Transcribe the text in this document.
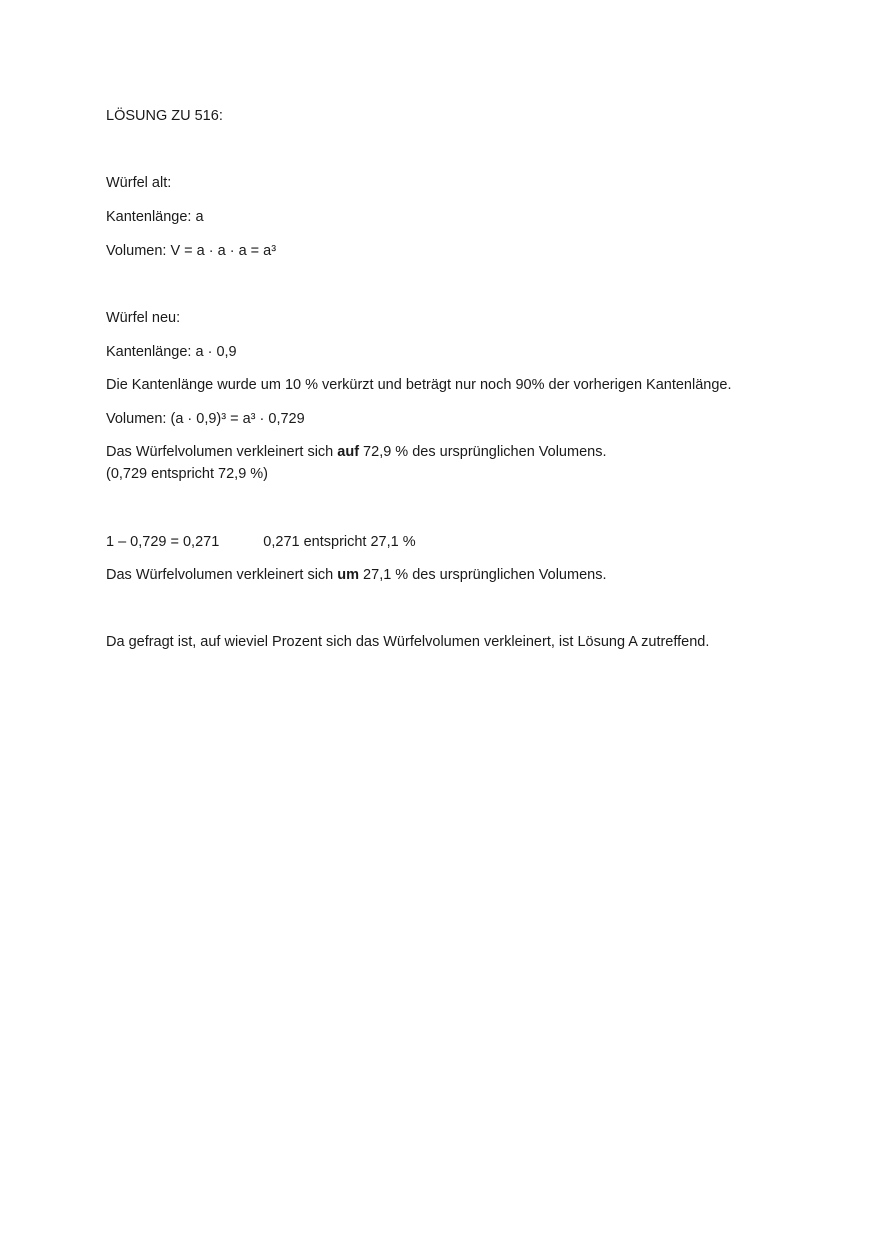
LÖSUNG ZU 516:
Würfel alt:
Kantenlänge: a
Volumen: V = a · a · a = a³
Würfel neu:
Kantenlänge: a · 0,9
Die Kantenlänge wurde um 10 % verkürzt und beträgt nur noch 90% der vorherigen Kantenlänge.
Volumen: (a · 0,9)³ = a³ · 0,729
Das Würfelvolumen verkleinert sich auf 72,9 % des ursprünglichen Volumens.
(0,729 entspricht 72,9 %)
1 – 0,729 = 0,271	0,271 entspricht 27,1 %
Das Würfelvolumen verkleinert sich um 27,1 % des ursprünglichen Volumens.
Da gefragt ist, auf wieviel Prozent sich das Würfelvolumen verkleinert, ist Lösung A zutreffend.
